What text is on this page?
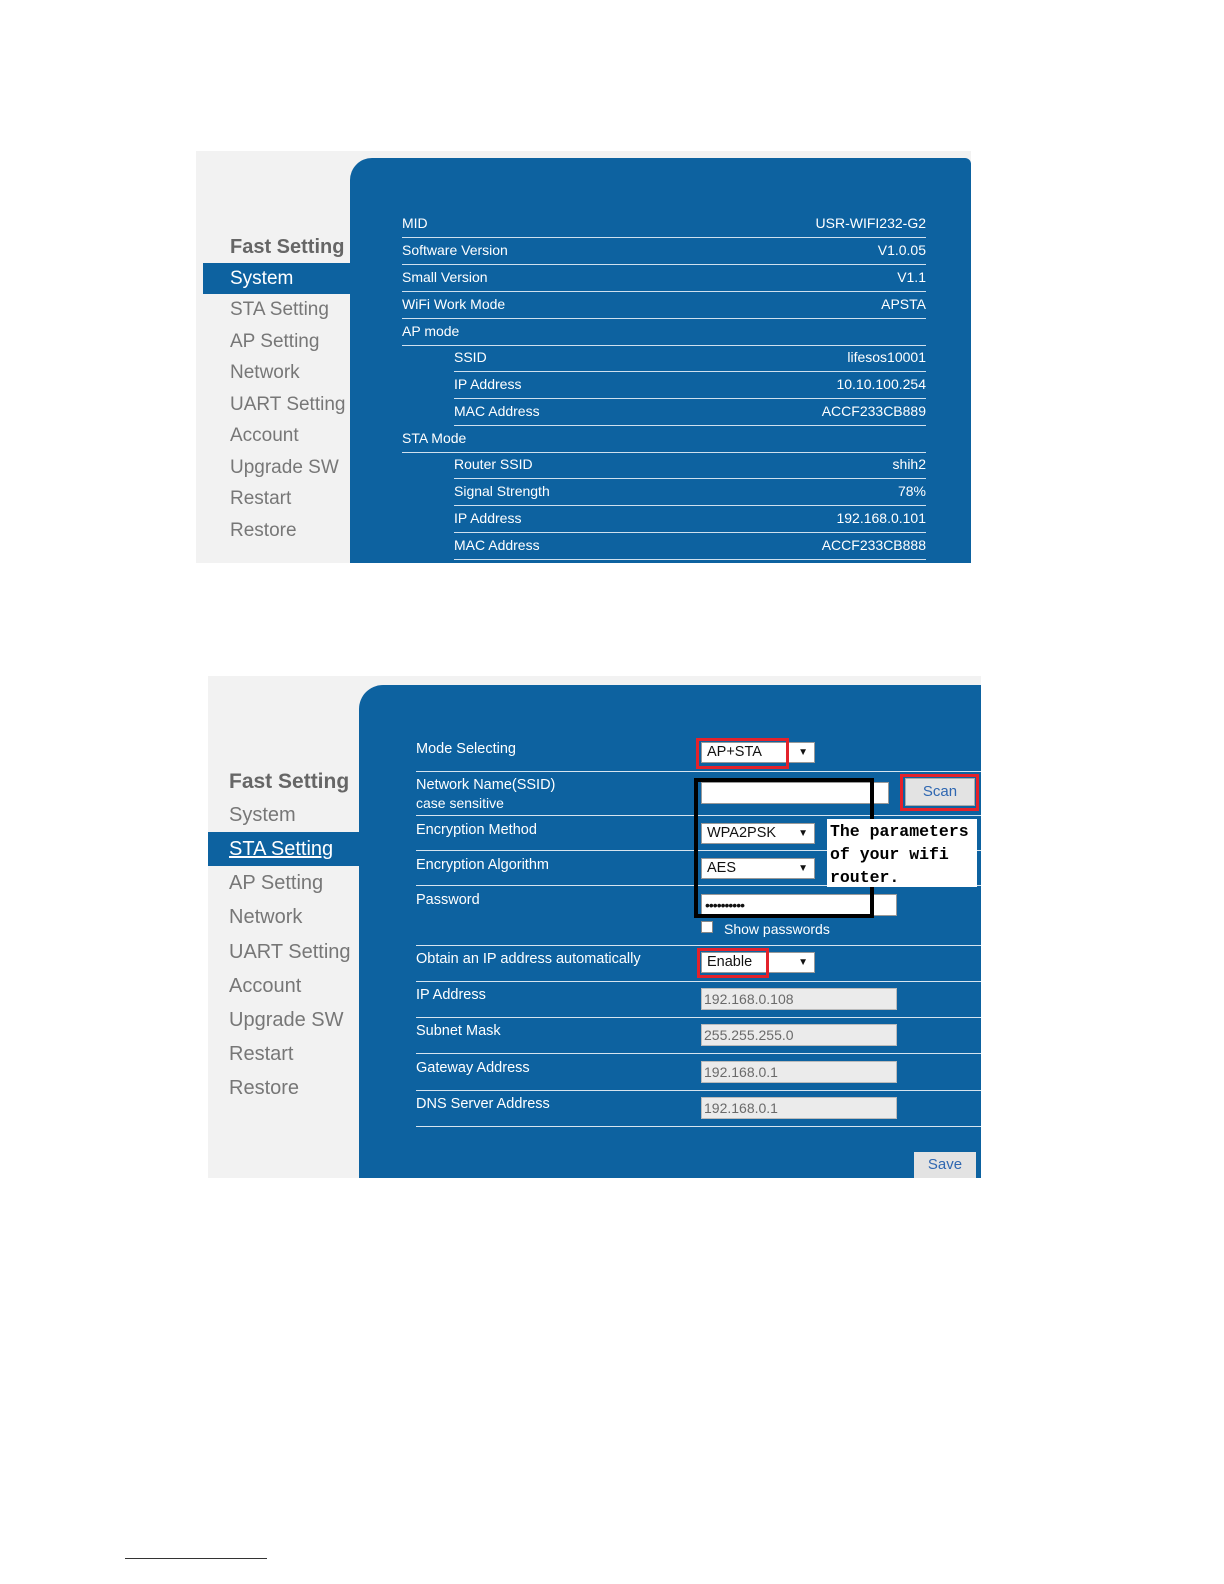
Fast Setting
System
STA Setting
AP Setting
Network
UART Setting
Account
Upgrade SW
Restart
Restore
MID	USR-WIFI232-G2
Software Version	V1.0.05
Small Version	V1.1
WiFi Work Mode	APSTA
AP mode
SSID	lifesos10001
IP Address	10.10.100.254
MAC Address	ACCF233CB889
STA Mode
Router SSID	shih2
Signal Strength	78%
IP Address	192.168.0.101
MAC Address	ACCF233CB888
Fast Setting
System
STA Setting
AP Setting
Network
UART Setting
Account
Upgrade SW
Restart
Restore
Mode Selecting	AP+STA	▼
Network Name(SSID)
case sensitive
Scan
Encryption Method	WPA2PSK ▼
Encryption Algorithm	AES	▼
Password	••••••••••
Show passwords
The parameters
of your wifi
router.
Obtain an IP address automatically	Enable	▼
IP Address	192.168.0.108
Subnet Mask	255.255.255.0
Gateway Address	192.168.0.1
DNS Server Address	192.168.0.1
Save
